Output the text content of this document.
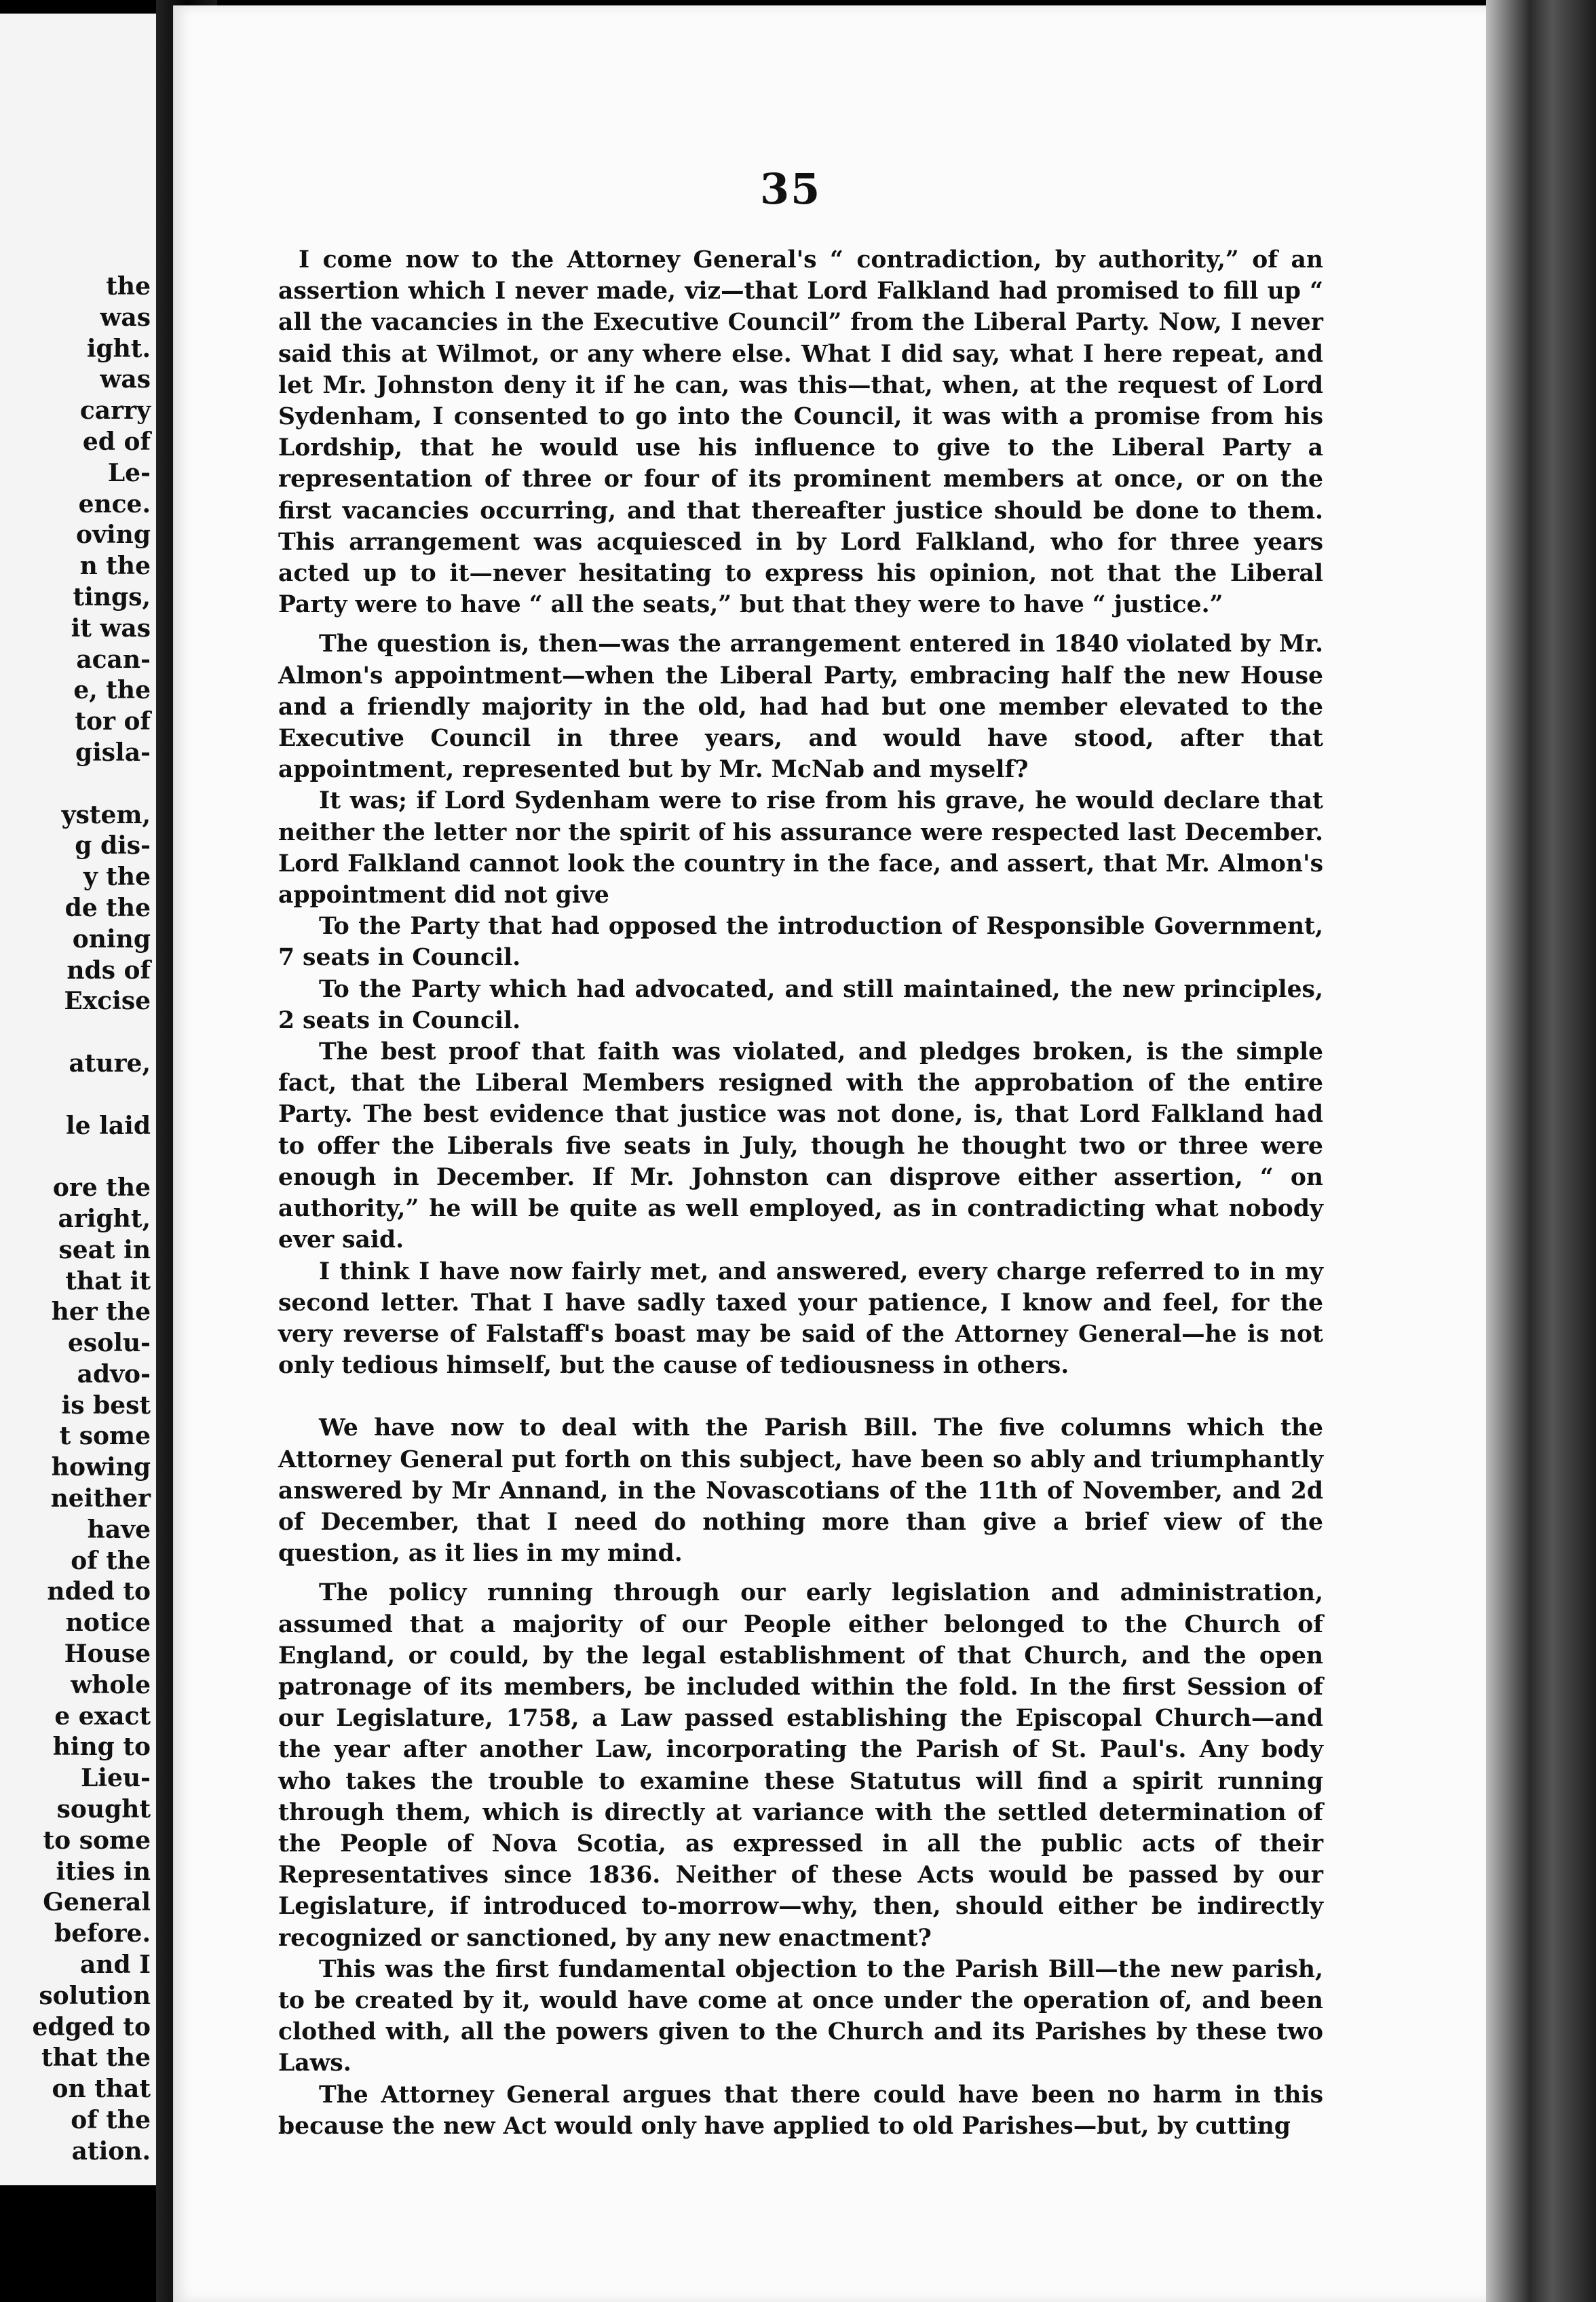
the
was
ight.
was
carry
ed of
Le-
ence.
oving
n the
tings,
it was
acan-
e, the
tor of
gisla-
ystem,
g dis-
y the
de the
oning
nds of
Excise
ature,
le laid
ore the
aright,
seat in
that it
her the
esolu-
advo-
is best
t some
howing
neither
have
of the
nded to
notice
House
whole
e exact
hing to
Lieu-
sought
to some
ities in
General
before.
and I
solution
edged to
that the
on that
of the
ation.
35

I come now to the Attorney General's “ contradiction, by authority,” of an assertion which I never made, viz—that Lord Falkland had promised to fill up “ all the vacancies in the Executive Council” from the Liberal Party. Now, I never said this at Wilmot, or any where else. What I did say, what I here repeat, and let Mr. Johnston deny it if he can, was this—that, when, at the request of Lord Sydenham, I consented to go into the Council, it was with a promise from his Lordship, that he would use his influence to give to the Liberal Party a representation of three or four of its prominent members at once, or on the first vacancies occurring, and that thereafter justice should be done to them. This arrangement was acquiesced in by Lord Falkland, who for three years acted up to it—never hesitating to express his opinion, not that the Liberal Party were to have “ all the seats,” but that they were to have “ justice.”

The question is, then—was the arrangement entered in 1840 violated by Mr. Almon's appointment—when the Liberal Party, embracing half the new House and a friendly majority in the old, had had but one member elevated to the Executive Council in three years, and would have stood, after that appointment, represented but by Mr. McNab and myself?

It was; if Lord Sydenham were to rise from his grave, he would declare that neither the letter nor the spirit of his assurance were respected last December. Lord Falkland cannot look the country in the face, and assert, that Mr. Almon's appointment did not give

To the Party that had opposed the introduction of Responsible Government, 7 seats in Council.

To the Party which had advocated, and still maintained, the new principles, 2 seats in Council.

The best proof that faith was violated, and pledges broken, is the simple fact, that the Liberal Members resigned with the approbation of the entire Party. The best evidence that justice was not done, is, that Lord Falkland had to offer the Liberals five seats in July, though he thought two or three were enough in December. If Mr. Johnston can disprove either assertion, “ on authority,” he will be quite as well employed, as in contradicting what nobody ever said.

I think I have now fairly met, and answered, every charge referred to in my second letter. That I have sadly taxed your patience, I know and feel, for the very reverse of Falstaff's boast may be said of the Attorney General—he is not only tedious himself, but the cause of tediousness in others.

We have now to deal with the Parish Bill. The five columns which the Attorney General put forth on this subject, have been so ably and triumphantly answered by Mr Annand, in the Novascotians of the 11th of November, and 2d of December, that I need do nothing more than give a brief view of the question, as it lies in my mind.

The policy running through our early legislation and administration, assumed that a majority of our People either belonged to the Church of England, or could, by the legal establishment of that Church, and the open patronage of its members, be included within the fold. In the first Session of our Legislature, 1758, a Law passed establishing the Episcopal Church—and the year after another Law, incorporating the Parish of St. Paul's. Any body who takes the trouble to examine these Statutus will find a spirit running through them, which is directly at variance with the settled determination of the People of Nova Scotia, as expressed in all the public acts of their Representatives since 1836. Neither of these Acts would be passed by our Legislature, if introduced to-morrow—why, then, should either be indirectly recognized or sanctioned, by any new enactment?

This was the first fundamental objection to the Parish Bill—the new parish, to be created by it, would have come at once under the operation of, and been clothed with, all the powers given to the Church and its Parishes by these two Laws.

The Attorney General argues that there could have been no harm in this because the new Act would only have applied to old Parishes—but, by cutting
